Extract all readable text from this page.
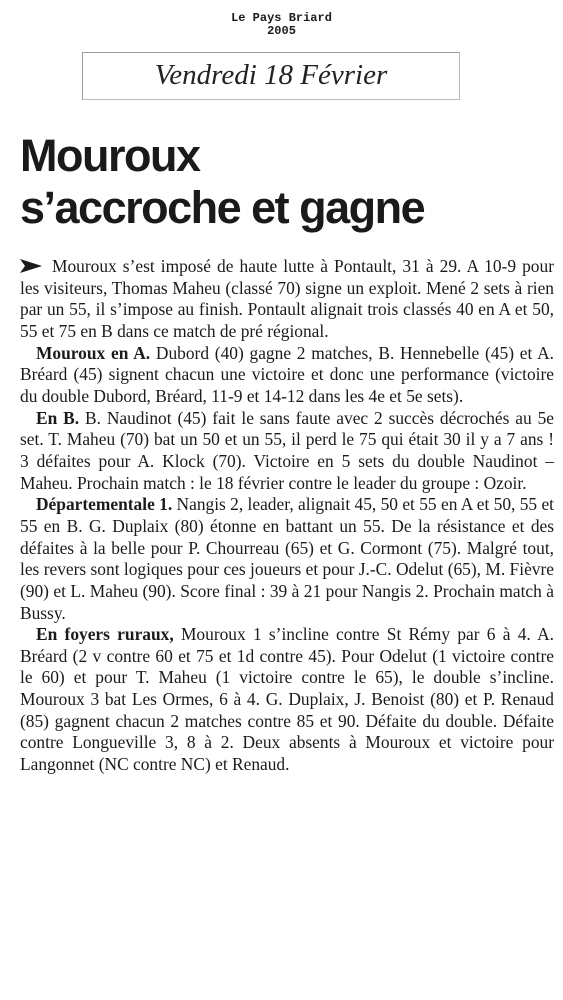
Le Pays Briard
2005
Vendredi 18 Février
Mouroux
s’accroche et gagne

Mouroux s’est imposé de haute lutte à Pontault, 31 à 29. A 10-9 pour les visiteurs, Thomas Maheu (classé 70) signe un exploit. Mené 2 sets à rien par un 55, il s’impose au finish. Pontault alignait trois classés 40 en A et 50, 55 et 75 en B dans ce match de pré régional.

Mouroux en A. Dubord (40) gagne 2 matches, B. Hennebelle (45) et A. Bréard (45) signent chacun une victoire et donc une performance (victoire du double Dubord, Bréard, 11-9 et 14-12 dans les 4e et 5e sets).

En B. B. Naudinot (45) fait le sans faute avec 2 succès décrochés au 5e set. T. Maheu (70) bat un 50 et un 55, il perd le 75 qui était 30 il y a 7 ans ! 3 défaites pour A. Klock (70). Victoire en 5 sets du double Naudinot – Maheu. Prochain match : le 18 février contre le leader du groupe : Ozoir.

Départementale 1. Nangis 2, leader, alignait 45, 50 et 55 en A et 50, 55 et 55 en B. G. Duplaix (80) étonne en battant un 55. De la résistance et des défaites à la belle pour P. Chourreau (65) et G. Cormont (75). Malgré tout, les revers sont logiques pour ces joueurs et pour J.-C. Odelut (65), M. Fièvre (90) et L. Maheu (90). Score final : 39 à 21 pour Nangis 2. Prochain match à Bussy.

En foyers ruraux, Mouroux 1 s’incline contre St Rémy par 6 à 4. A. Bréard (2 v contre 60 et 75 et 1d contre 45). Pour Odelut (1 victoire contre le 60) et pour T. Maheu (1 victoire contre le 65), le double s’incline. Mouroux 3 bat Les Ormes, 6 à 4. G. Duplaix, J. Benoist (80) et P. Renaud (85) gagnent chacun 2 matches contre 85 et 90. Défaite du double. Défaite contre Longueville 3, 8 à 2. Deux absents à Mouroux et victoire pour Langonnet (NC contre NC) et Renaud.
